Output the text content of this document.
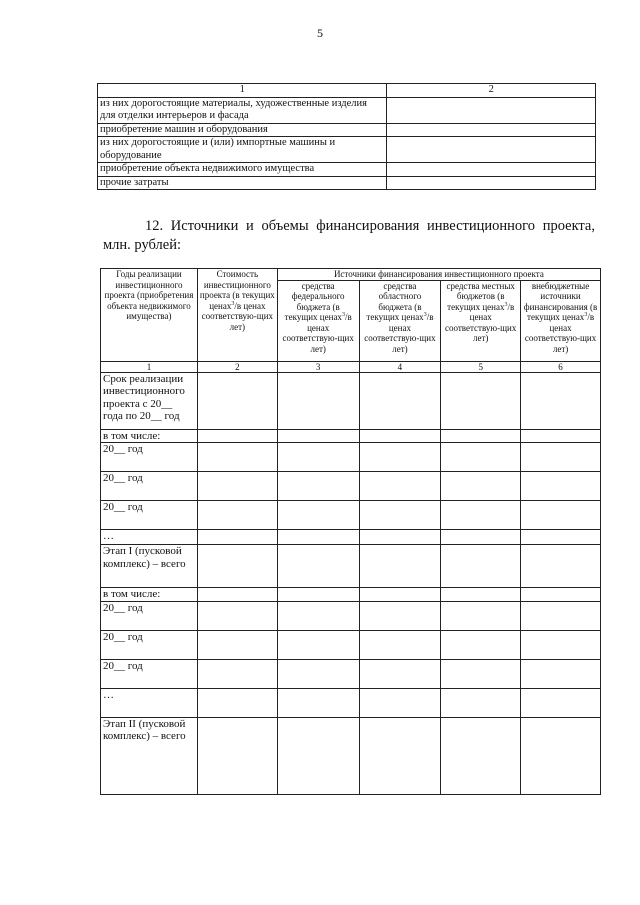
5
1	2
из них дорогостоящие материалы, художественные изделия для отделки интерьеров и фасада	
приобретение машин и оборудования	
из них дорогостоящие и (или) импортные машины и оборудование	
приобретение объекта недвижимого имущества	
прочие затраты	
12. Источники и объемы финансирования инвестиционного проекта, млн. рублей:
Годы реализации инвестиционного проекта (приобретения объекта недвижимого имущества)	Стоимость инвестиционного проекта (в текущих ценах$^3$/в ценах соответствую-щих лет)	Источники финансирования инвестиционного проекта			
		средства федерального бюджета (в текущих ценах$^3$/в ценах соответствую-щих лет)	средства областного бюджета (в текущих ценах$^3$/в ценах соответствую-щих лет)	средства местных бюджетов (в текущих ценах$^3$/в ценах соответствую-щих лет)	внебюджетные источники финансирования (в текущих ценах$^3$/в ценах соответствую-щих лет)
1	2	3	4	5	6
Срок реализации инвестиционного проекта с 20__ года по 20__ год					
в том числе:					
20__ год					
20__ год					
20__ год					
…					
Этап I (пусковой комплекс) – всего					
в том числе:					
20__ год					
20__ год					
20__ год					
…					
Этап II (пусковой комплекс) – всего					
